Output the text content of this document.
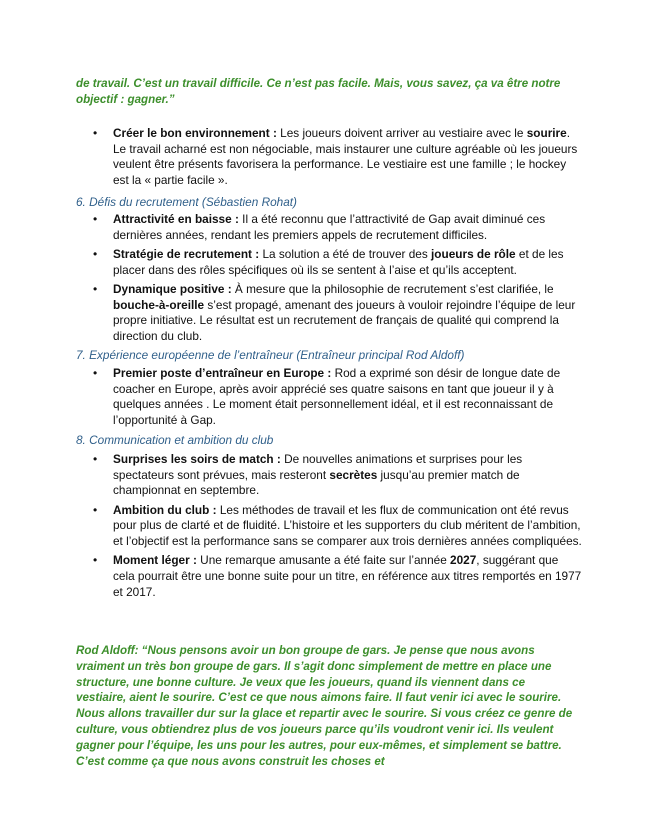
de travail. C’est un travail difficile. Ce n’est pas facile. Mais, vous savez, ça va être notre objectif : gagner.”

• Créer le bon environnement : Les joueurs doivent arriver au vestiaire avec le sourire. Le travail acharné est non négociable, mais instaurer une culture agréable où les joueurs veulent être présents favorisera la performance. Le vestiaire est une famille ; le hockey est la « partie facile ».

6. Défis du recrutement (Sébastien Rohat)

• Attractivité en baisse : Il a été reconnu que l’attractivité de Gap avait diminué ces dernières années, rendant les premiers appels de recrutement difficiles.
• Stratégie de recrutement : La solution a été de trouver des joueurs de rôle et de les placer dans des rôles spécifiques où ils se sentent à l’aise et qu’ils acceptent.
• Dynamique positive : À mesure que la philosophie de recrutement s’est clarifiée, le bouche-à-oreille s’est propagé, amenant des joueurs à vouloir rejoindre l’équipe de leur propre initiative. Le résultat est un recrutement de français de qualité qui comprend la direction du club.

7. Expérience européenne de l’entraîneur (Entraîneur principal Rod Aldoff)

• Premier poste d’entraîneur en Europe : Rod a exprimé son désir de longue date de coacher en Europe, après avoir apprécié ses quatre saisons en tant que joueur il y à quelques années . Le moment était personnellement idéal, et il est reconnaissant de l’opportunité à Gap.

8. Communication et ambition du club

• Surprises les soirs de match : De nouvelles animations et surprises pour les spectateurs sont prévues, mais resteront secrètes jusqu’au premier match de championnat en septembre.
• Ambition du club : Les méthodes de travail et les flux de communication ont été revus pour plus de clarté et de fluidité. L’histoire et les supporters du club méritent de l’ambition, et l’objectif est la performance sans se comparer aux trois dernières années compliquées.
• Moment léger : Une remarque amusante a été faite sur l’année 2027, suggérant que cela pourrait être une bonne suite pour un titre, en référence aux titres remportés en 1977 et 2017.

Rod Aldoff: “Nous pensons avoir un bon groupe de gars. Je pense que nous avons vraiment un très bon groupe de gars. Il s’agit donc simplement de mettre en place une structure, une bonne culture. Je veux que les joueurs, quand ils viennent dans ce vestiaire, aient le sourire. C’est ce que nous aimons faire. Il faut venir ici avec le sourire. Nous allons travailler dur sur la glace et repartir avec le sourire. Si vous créez ce genre de culture, vous obtiendrez plus de vos joueurs parce qu’ils voudront venir ici. Ils veulent gagner pour l’équipe, les uns pour les autres, pour eux-mêmes, et simplement se battre. C’est comme ça que nous avons construit les choses et
